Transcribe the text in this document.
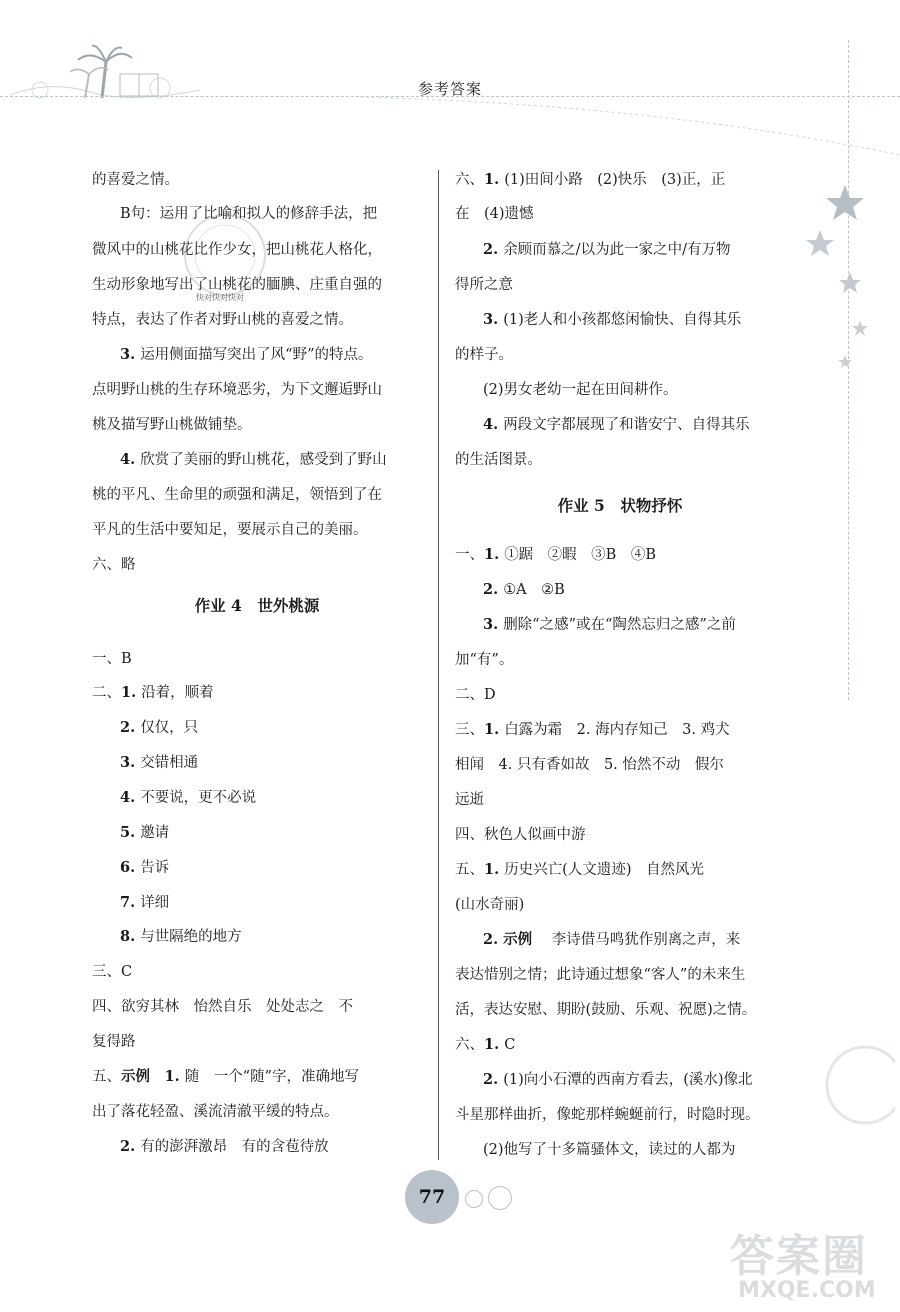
参考答案
快对快对快对
的喜爱之情。
B句：运用了比喻和拟人的修辞手法，把
微风中的山桃花比作少女，把山桃花人格化，
生动形象地写出了山桃花的腼腆、庄重自强的
特点，表达了作者对野山桃的喜爱之情。
3. 运用侧面描写突出了风“野”的特点。
点明野山桃的生存环境恶劣，为下文邂逅野山
桃及描写野山桃做铺垫。
4. 欣赏了美丽的野山桃花，感受到了野山
桃的平凡、生命里的顽强和满足，领悟到了在
平凡的生活中要知足，要展示自己的美丽。
六、略
作业 4　世外桃源
一、B
二、1. 沿着，顺着
2. 仅仅，只
3. 交错相通
4. 不要说，更不必说
5. 邀请
6. 告诉
7. 详细
8. 与世隔绝的地方
三、C
四、欲穷其林　怡然自乐　处处志之　不
复得路
五、示例　1. 随　一个“随”字，准确地写
出了落花轻盈、溪流清澈平缓的特点。
2. 有的澎湃激昂　有的含苞待放
六、1. (1)田间小路　(2)快乐　(3)正，正
在　(4)遗憾
2. 余顾而慕之/以为此一家之中/有万物
得所之意
3. (1)老人和小孩都悠闲愉快、自得其乐
的样子。
(2)男女老幼一起在田间耕作。
4. 两段文字都展现了和谐安宁、自得其乐
的生活图景。
作业 5　状物抒怀
一、1. ①踞　②暇　③B　④B
2. ①A　②B
3. 删除“之感”或在“陶然忘归之感”之前
加“有”。
二、D
三、1. 白露为霜　2. 海内存知己　3. 鸡犬
相闻　4. 只有香如故　5. 怡然不动　假尔
远逝
四、秋色人似画中游
五、1. 历史兴亡(人文遗迹)　自然风光
(山水奇丽)
2. 示例 　李诗借马鸣犹作别离之声，来
表达惜别之情；此诗通过想象“客人”的未来生
活，表达安慰、期盼(鼓励、乐观、祝愿)之情。
六、1. C
2. (1)向小石潭的西南方看去，(溪水)像北
斗星那样曲折，像蛇那样蜿蜒前行，时隐时现。
(2)他写了十多篇骚体文，读过的人都为
77
答案圈
MXQE.COM
